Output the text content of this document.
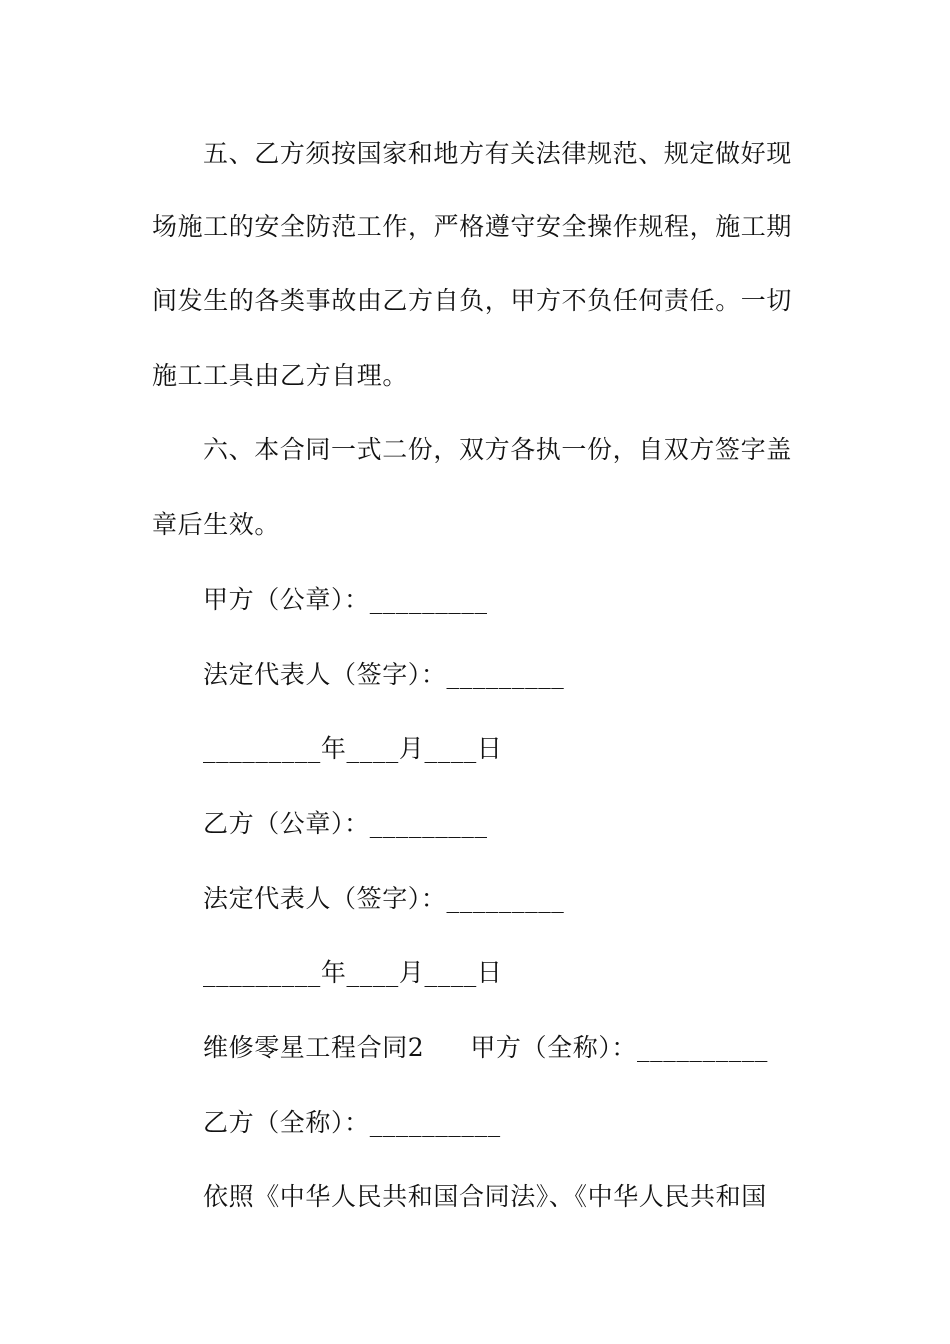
五、乙方须按国家和地方有关法律规范、规定做好现
场施工的安全防范工作，严格遵守安全操作规程，施工期
间发生的各类事故由乙方自负，甲方不负任何责任。一切
施工工具由乙方自理。
六、本合同一式二份，双方各执一份，自双方签字盖
章后生效。
甲方（公章）：_________
法定代表人（签字）：_________
_________年____月____日
乙方（公章）：_________
法定代表人（签字）：_________
_________年____月____日
维修零星工程合同2 甲方（全称）：__________
乙方（全称）：__________
依照《中华人民共和国合同法》、《中华人民共和国
